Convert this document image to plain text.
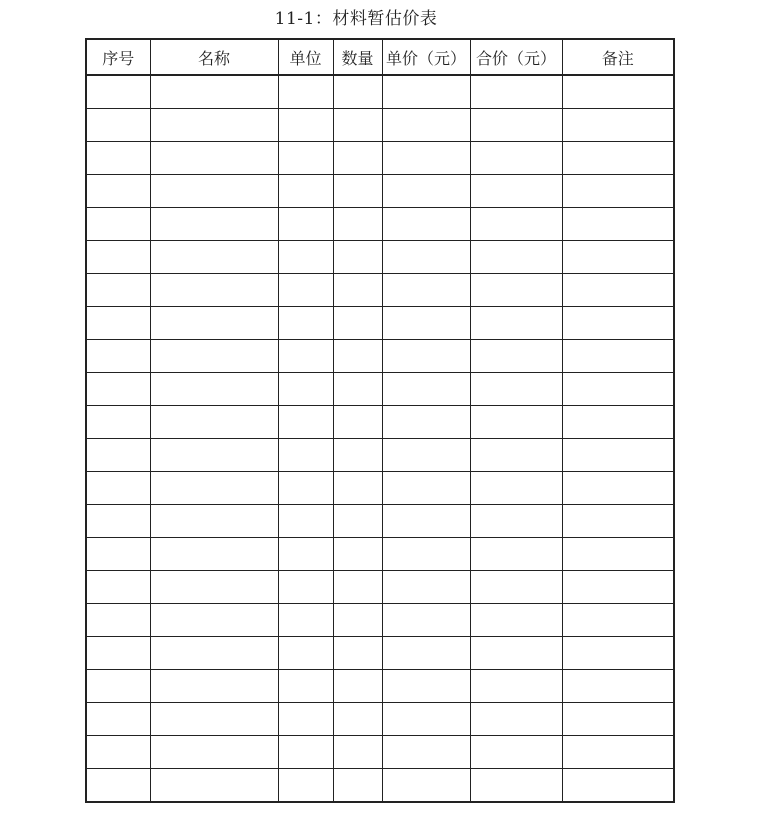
11-1：材料暂估价表
序号	名称	单位	数量	单价（元）	合价（元）	备注
